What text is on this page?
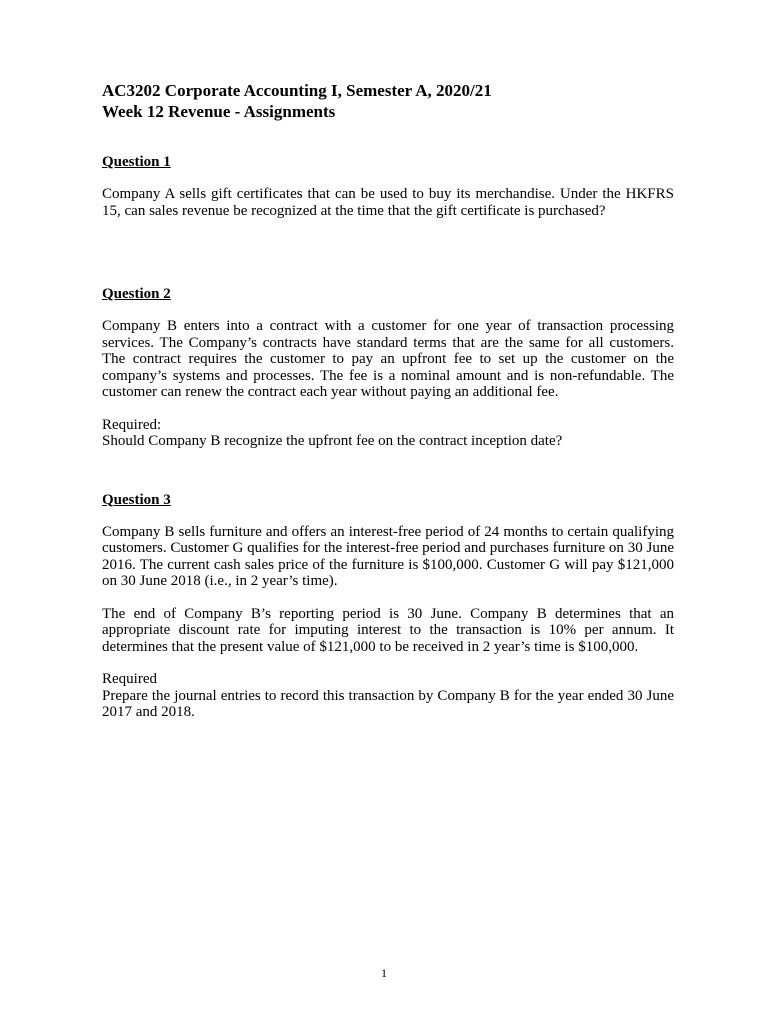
AC3202 Corporate Accounting I, Semester A, 2020/21

Week 12 Revenue - Assignments

Question 1

Company A sells gift certificates that can be used to buy its merchandise. Under the HKFRS 15, can sales revenue be recognized at the time that the gift certificate is purchased?

Question 2

Company B enters into a contract with a customer for one year of transaction processing services. The Company’s contracts have standard terms that are the same for all customers. The contract requires the customer to pay an upfront fee to set up the customer on the company’s systems and processes. The fee is a nominal amount and is non-refundable. The customer can renew the contract each year without paying an additional fee.

Required:

Should Company B recognize the upfront fee on the contract inception date?

Question 3

Company B sells furniture and offers an interest-free period of 24 months to certain qualifying customers. Customer G qualifies for the interest-free period and purchases furniture on 30 June 2016. The current cash sales price of the furniture is $100,000. Customer G will pay $121,000 on 30 June 2018 (i.e., in 2 year’s time).

The end of Company B’s reporting period is 30 June. Company B determines that an appropriate discount rate for imputing interest to the transaction is 10% per annum. It determines that the present value of $121,000 to be received in 2 year’s time is $100,000.

Required

Prepare the journal entries to record this transaction by Company B for the year ended 30 June 2017 and 2018.

1
